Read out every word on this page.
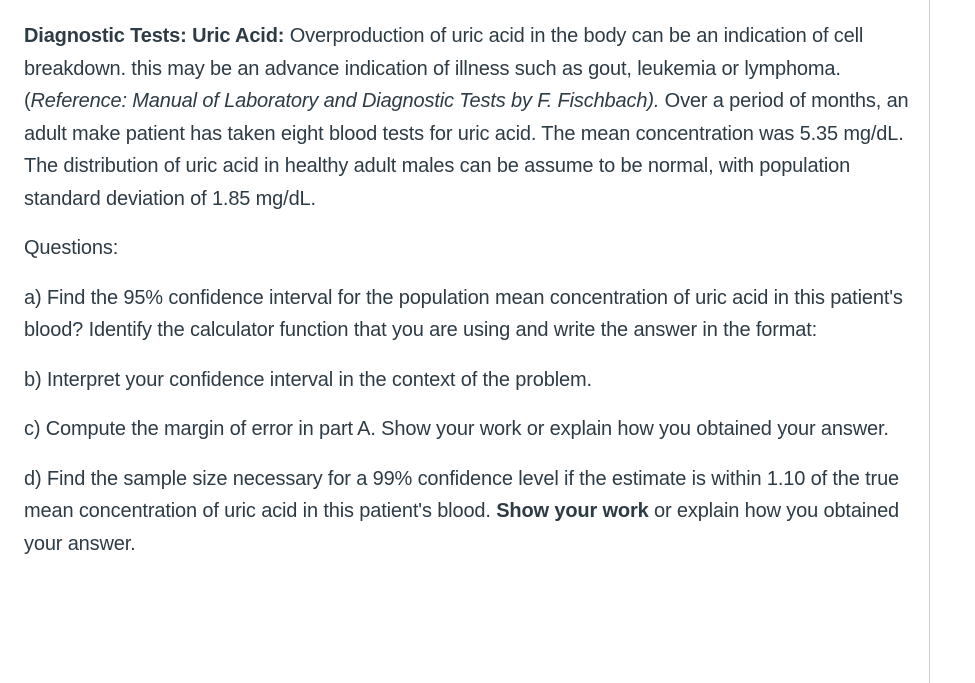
Diagnostic Tests: Uric Acid: Overproduction of uric acid in the body can be an indication of cell breakdown. this may be an advance indication of illness such as gout, leukemia or lymphoma. (Reference: Manual of Laboratory and Diagnostic Tests by F. Fischbach). Over a period of months, an adult make patient has taken eight blood tests for uric acid. The mean concentration was 5.35 mg/dL. The distribution of uric acid in healthy adult males can be assume to be normal, with population standard deviation of 1.85 mg/dL.

Questions:

a) Find the 95% confidence interval for the population mean concentration of uric acid in this patient's blood? Identify the calculator function that you are using and write the answer in the format:

b) Interpret your confidence interval in the context of the problem.

c) Compute the margin of error in part A. Show your work or explain how you obtained your answer.

d) Find the sample size necessary for a 99% confidence level if the estimate is within 1.10 of the true mean concentration of uric acid in this patient's blood. Show your work or explain how you obtained your answer.
